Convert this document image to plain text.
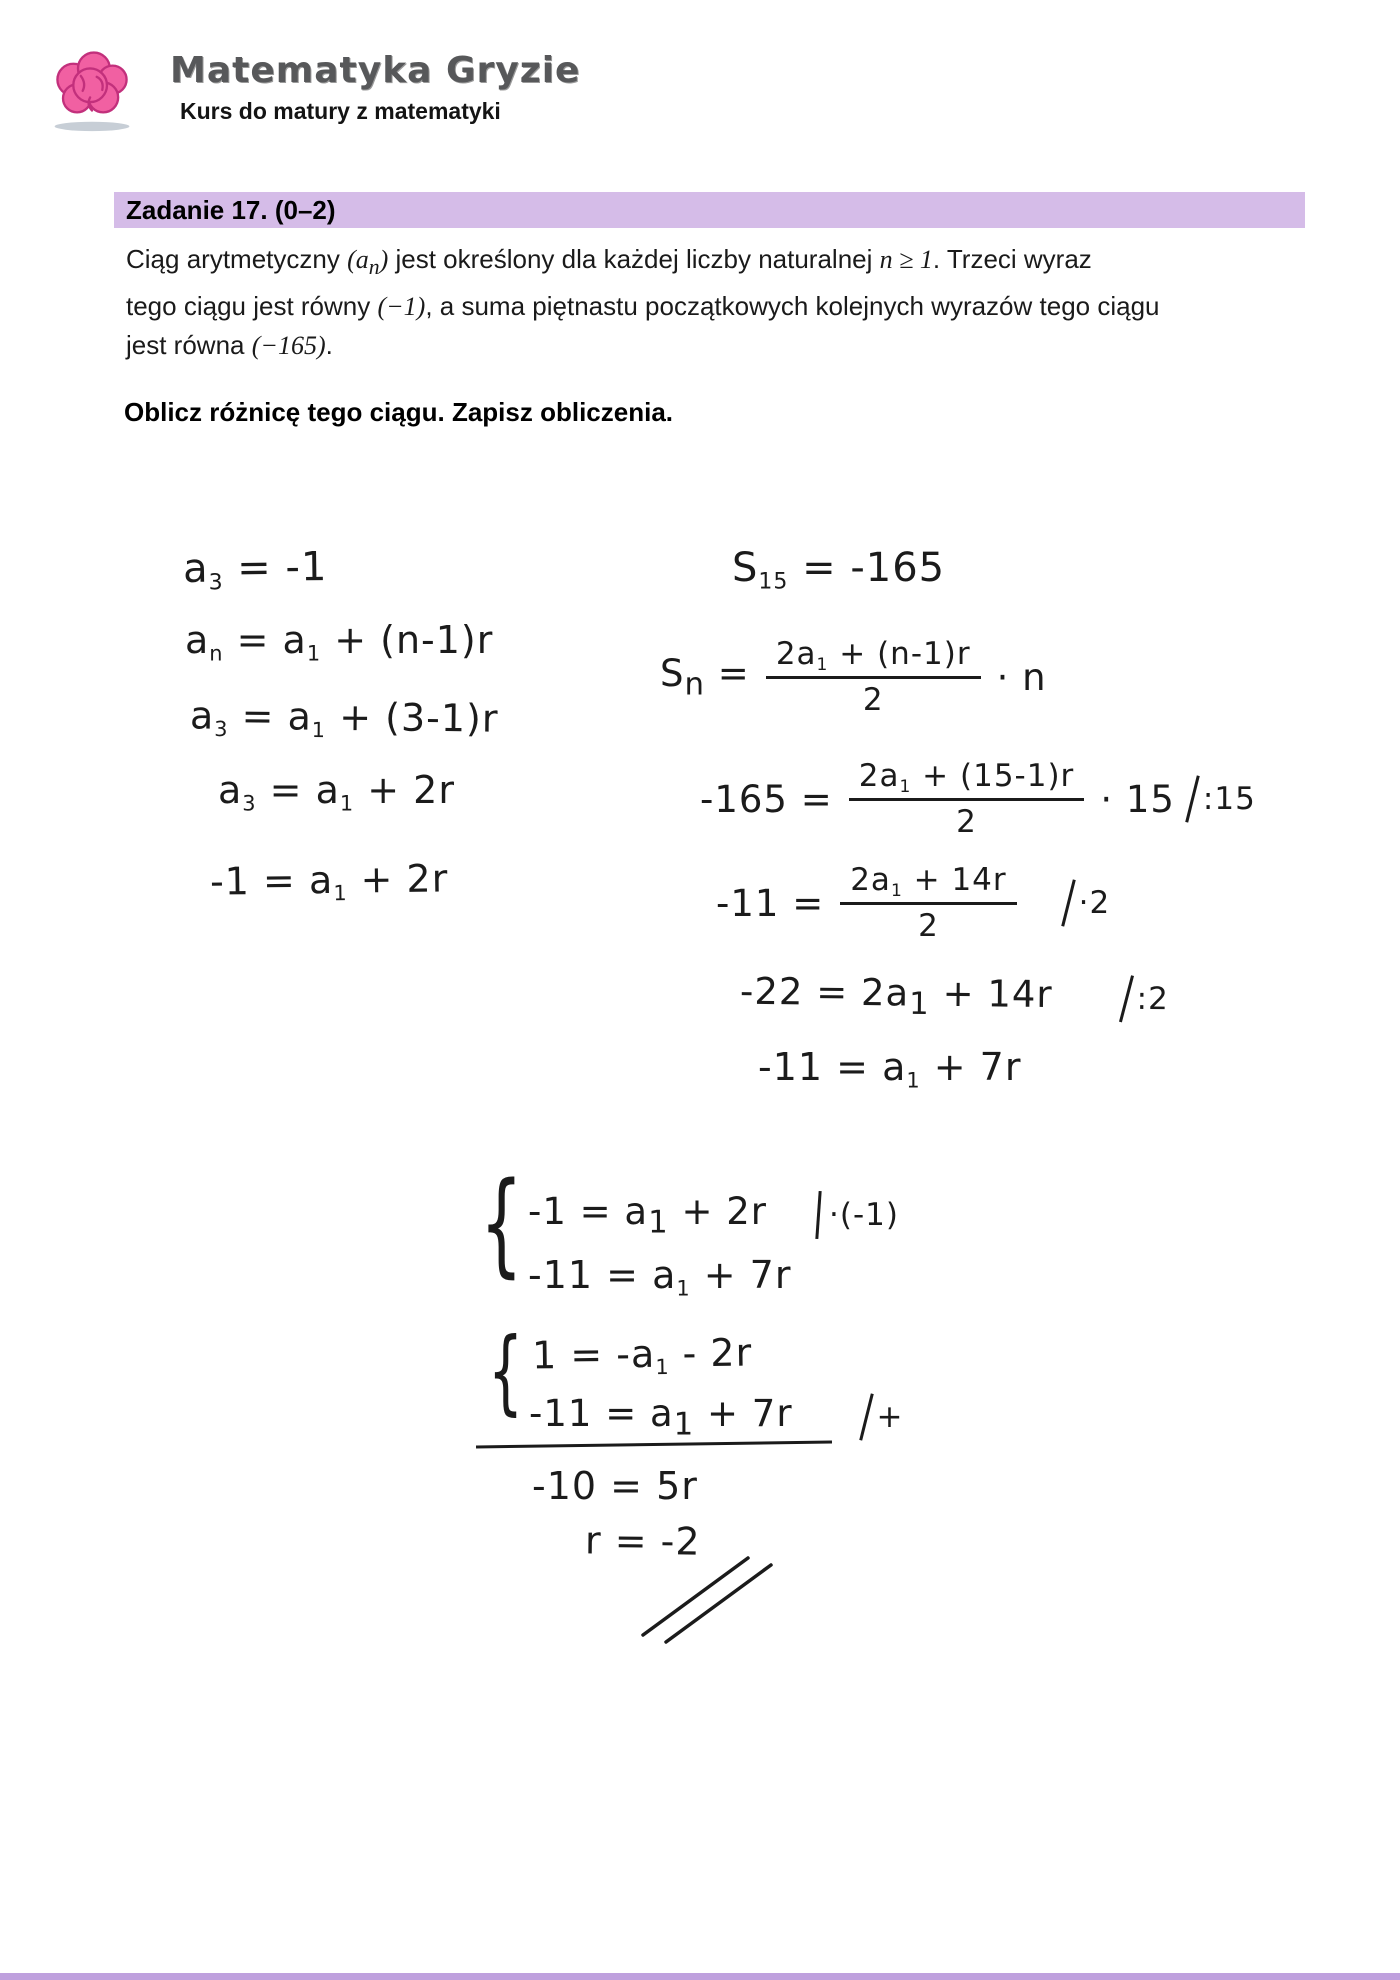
Matematyka Gryzie
Kurs do matury z matematyki
Zadanie 17. (0–2)
Ciąg arytmetyczny $(a_n)$ jest określony dla każdej liczby naturalnej n ≥ 1. Trzeci wyraz
tego ciągu jest równy (−1), a suma piętnastu początkowych kolejnych wyrazów tego ciągu
jest równa (−165).
Oblicz różnicę tego ciągu. Zapisz obliczenia.
$a_3 = -1$
$a_n = a_1 + (n-1)r$
$a_3 = a_1 + (3-1)r$
$a_3 = a_1 + 2r$
$-1 = a_1 + 2r$
$S_{15} = -165$
$S_n = \frac{2a_1 + (n-1)r}{2} \cdot n$
$-165 = \frac{2a_1 + (15-1)r}{2} \cdot 15$ :15
$-11 = \frac{2a_1 + 14r}{2} \cdot 2$
$-22 = 2a_1 + 14r$	:2
$-11 = a_1 + 7r$
{ $-1 = a_1 + 2r \cdot(-1)$
$-11 = a_1 + 7r$
{ $1 = -a_1 - 2r$
$-11 = a_1 + 7r$	+
-10 = 5r
r = -2
